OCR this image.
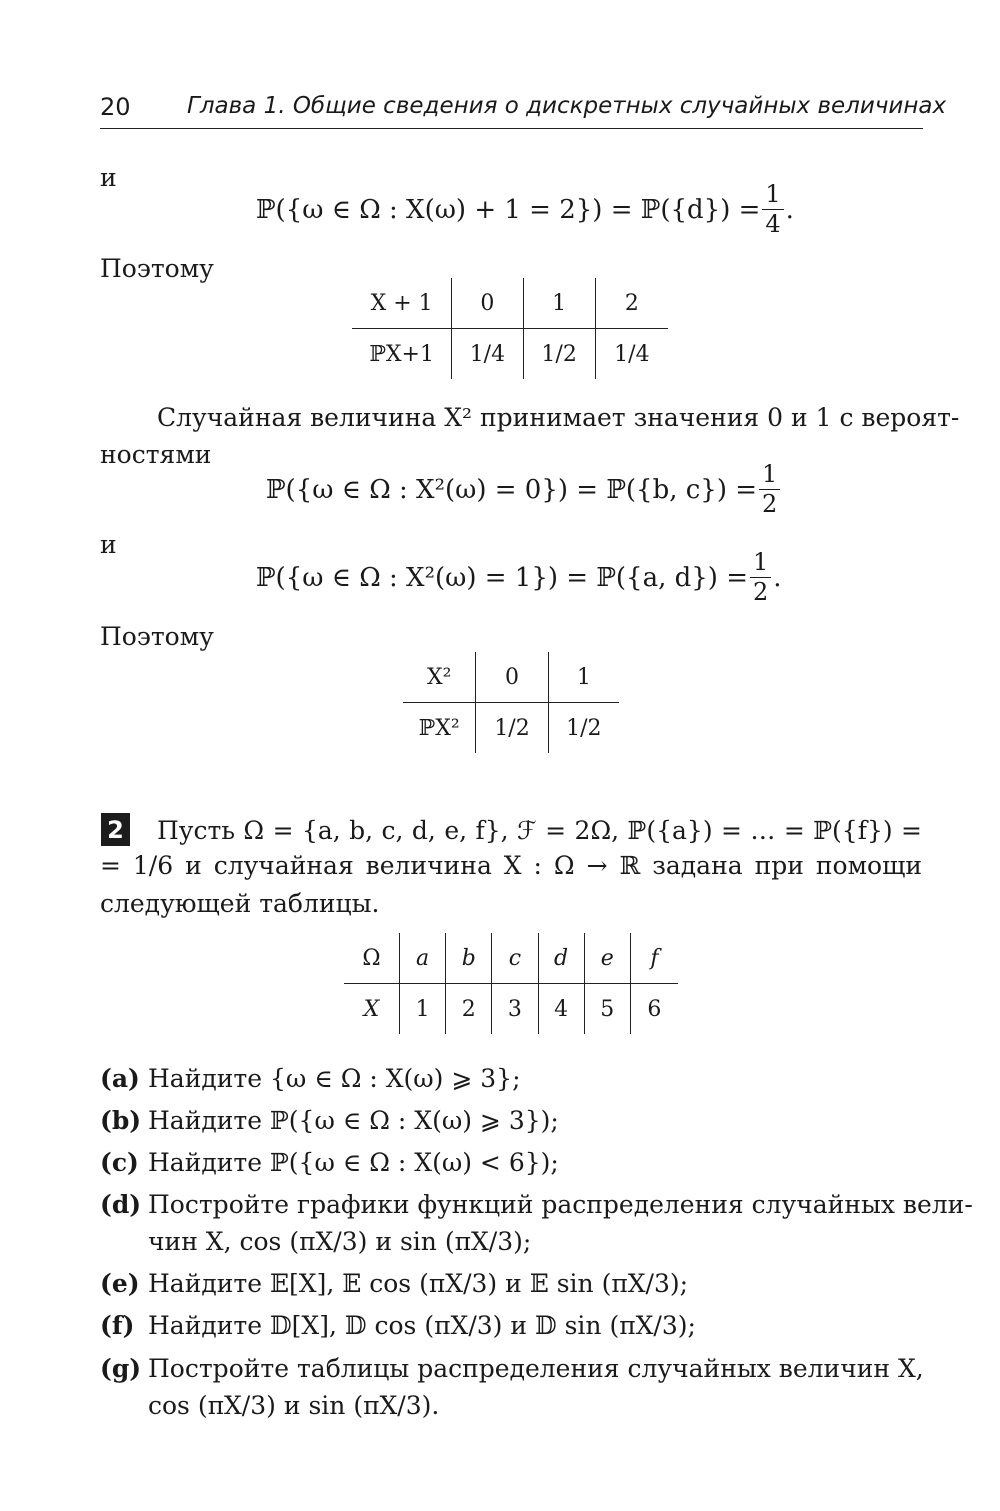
20 Глава 1. Общие сведения о дискретных случайных величинах
и
ℙ({ω ∈ Ω : X(ω) + 1 = 2}) = ℙ({d}) = $\frac{1}{4}$ .
Поэтому
X + 1	0	1	2
ℙX+1	1/4	1/2	1/4
Случайная величина X² принимает значения 0 и 1 с вероят-
ностями
ℙ({ω ∈ Ω : X²(ω) = 0}) = ℙ({b, $c\}) = \frac{1}{2}$
и
ℙ({ω ∈ Ω : X²(ω) = 1}) = ℙ({a, $d\}) = \frac{1}{2}$ .
Поэтому
X²	0	1
ℙX²	1/2	1/2
2 Пусть Ω = {a, b, c, d, e, f}, ℱ = 2Ω, ℙ({a}) = … = ℙ({f}) =
= 1/6 и случайная величина X : Ω → ℝ задана при помощи
следующей таблицы.
Ω	a	b	c	d	e	f
X	1	2	3	4	5	6
(a) Найдите {ω ∈ Ω : X(ω) ⩾ 3};
(b) Найдите ℙ({ω ∈ Ω : X(ω) ⩾ 3});
(c) Найдите ℙ({ω ∈ Ω : X(ω) < 6});
(d) Постройте графики функций распределения случайных вели-
чин X, cos (πX/3) и sin (πX/3);
(e) Найдите 𝔼[X], 𝔼 cos (πX/3) и 𝔼 sin (πX/3);
(f) Найдите 𝔻[X], 𝔻 cos (πX/3) и 𝔻 sin (πX/3);
(g) Постройте таблицы распределения случайных величин X,
cos (πX/3) и sin (πX/3).
